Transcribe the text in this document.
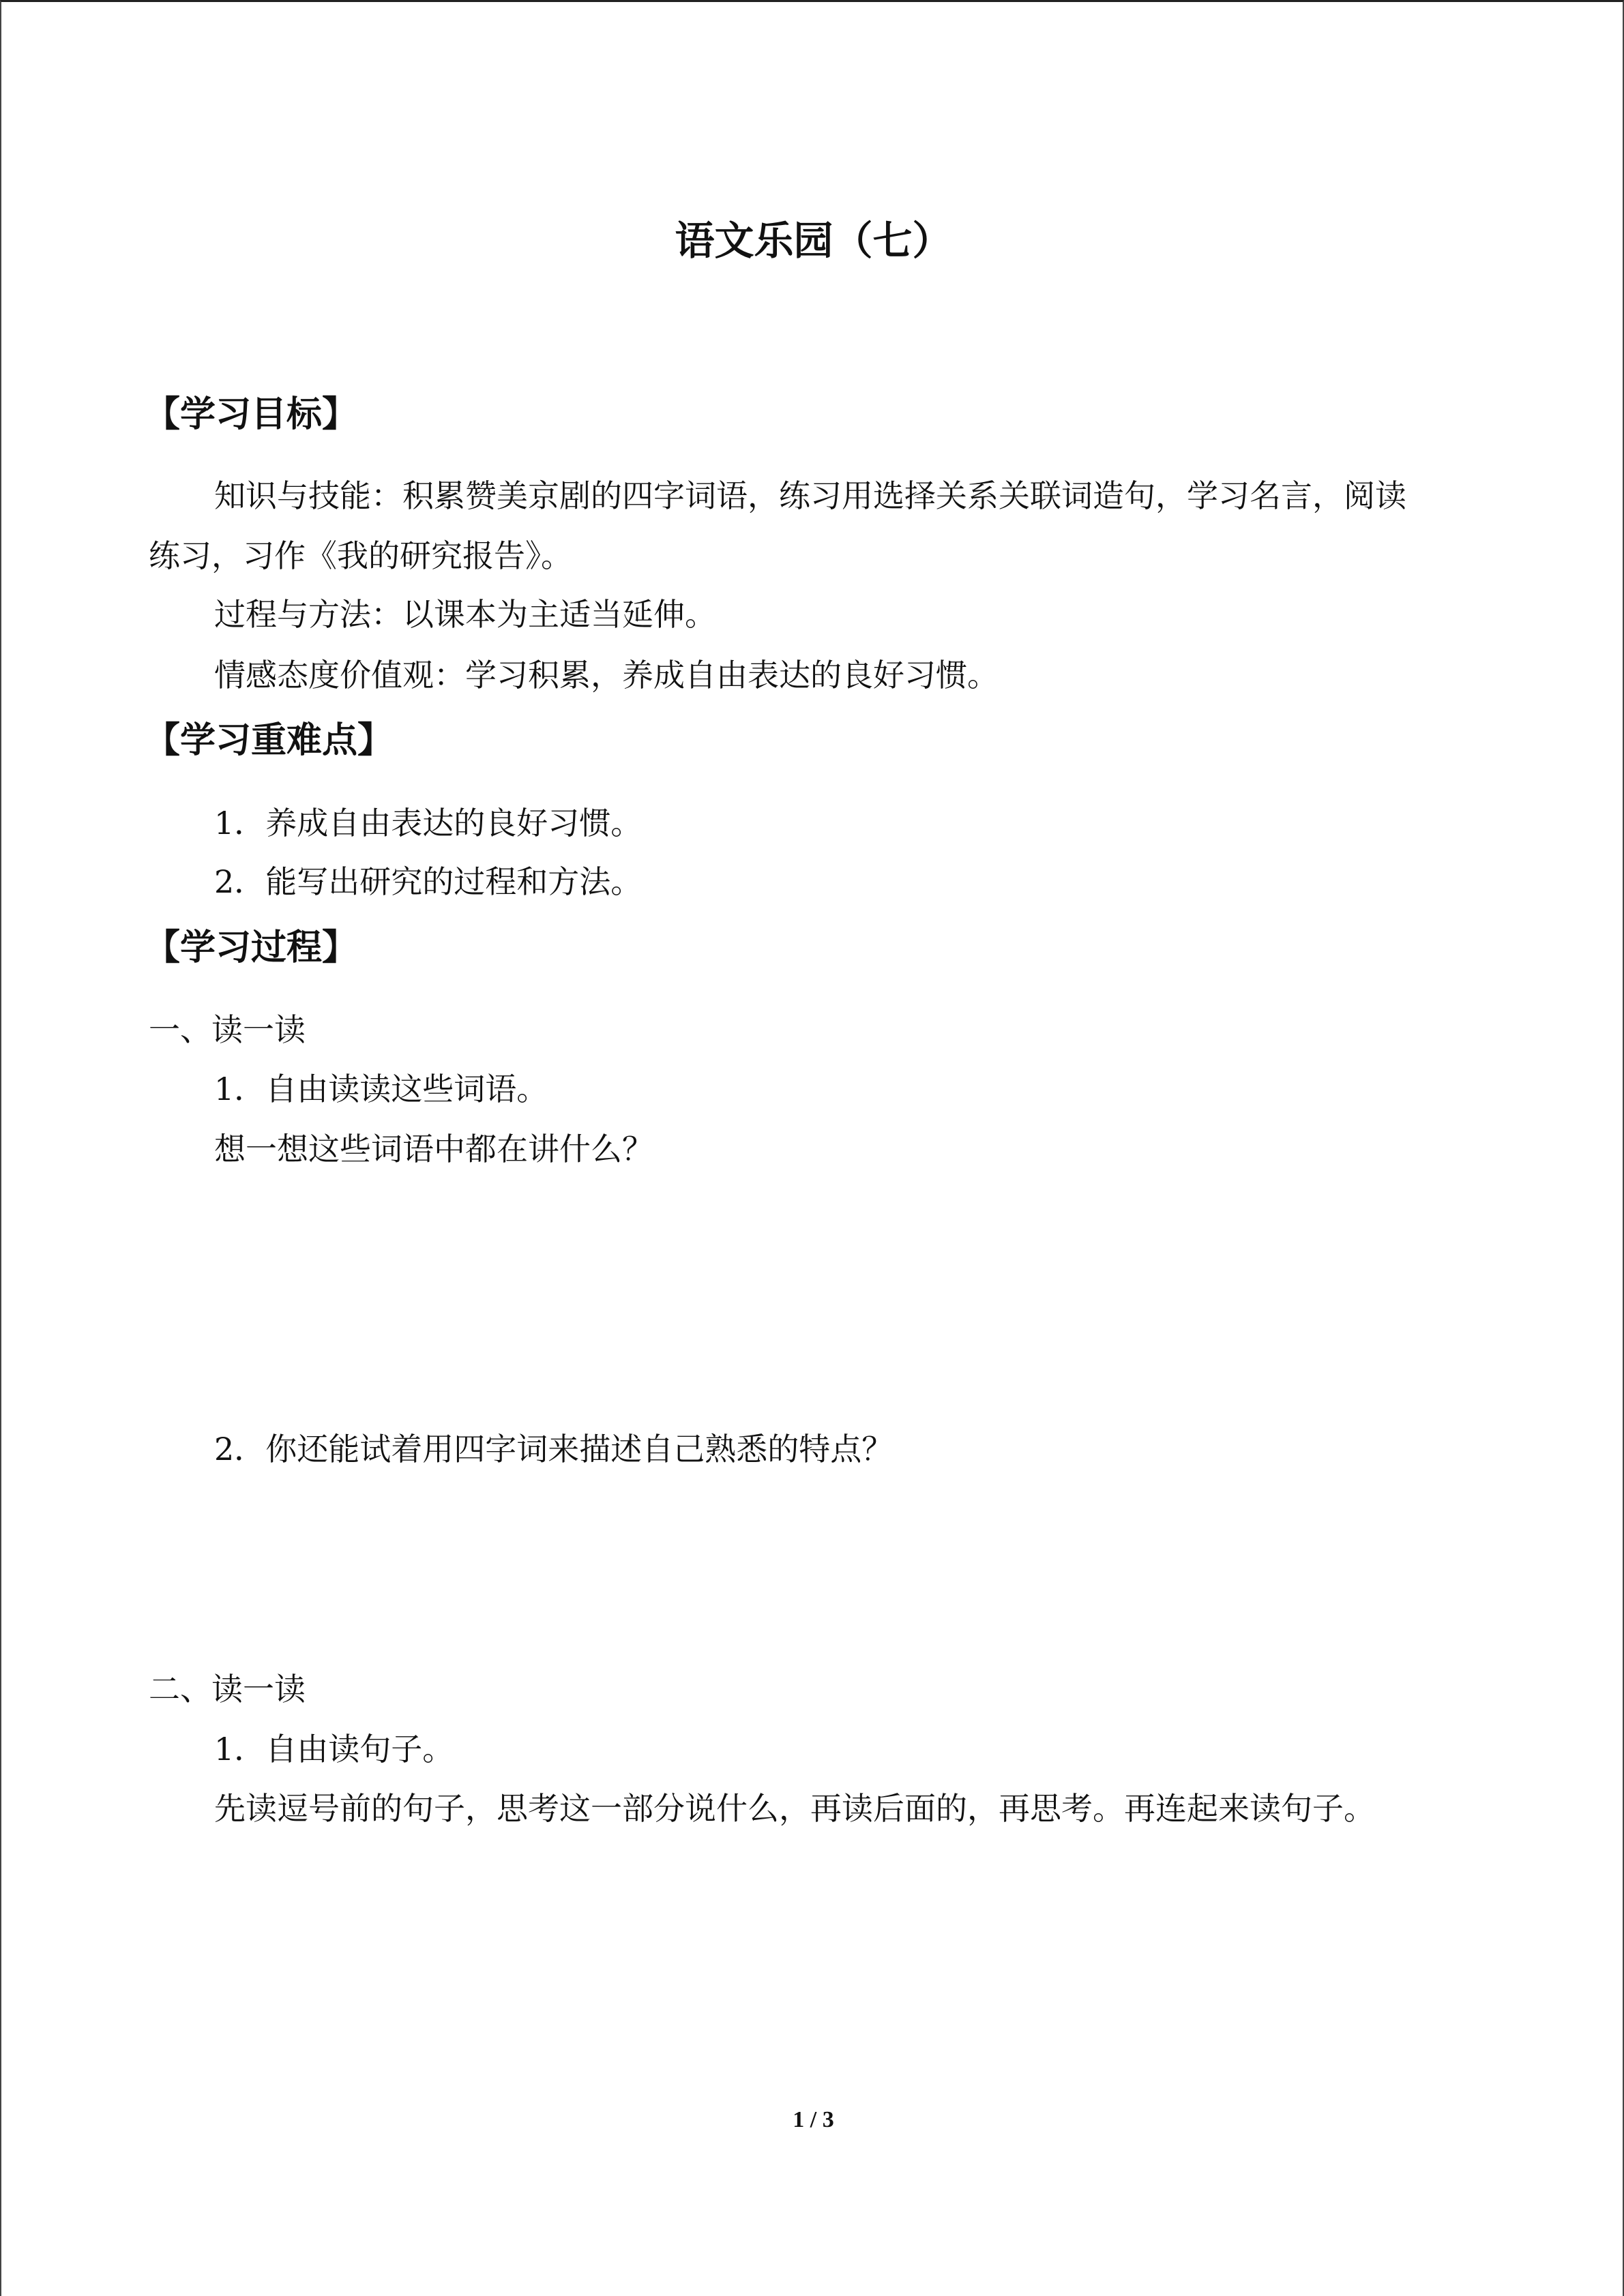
语文乐园（七）
【学习目标】
知识与技能：积累赞美京剧的四字词语，练习用选择关系关联词造句，学习名言，阅读
练习，习作《我的研究报告》。
过程与方法：以课本为主适当延伸。
情感态度价值观：学习积累，养成自由表达的良好习惯。
【学习重难点】
1．养成自由表达的良好习惯。
2．能写出研究的过程和方法。
【学习过程】
一、读一读
1．自由读读这些词语。
想一想这些词语中都在讲什么？
2．你还能试着用四字词来描述自己熟悉的特点？
二、读一读
1．自由读句子。
先读逗号前的句子，思考这一部分说什么，再读后面的，再思考。再连起来读句子。
1 / 3
